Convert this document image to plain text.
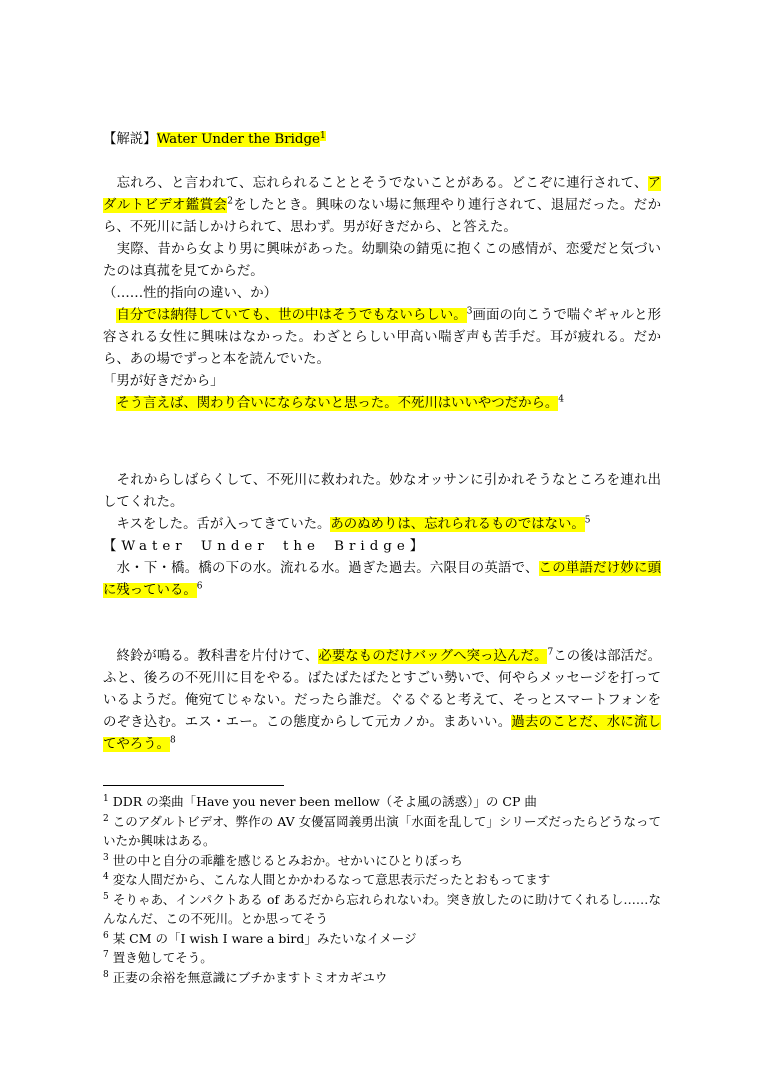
【解説】Water Under the Bridge$^1$

　忘れろ、と言われて、忘れられることとそうでないことがある。どこぞに連行されて、アダルトビデオ鑑賞会$^2$をしたとき。興味のない場に無理やり連行されて、退屈だった。だから、不死川に話しかけられて、思わず。男が好きだから、と答えた。

　実際、昔から女より男に興味があった。幼馴染の錆兎に抱くこの感情が、恋愛だと気づいたのは真菰を見てからだ。

（……性的指向の違い、か）

　自分では納得していても、世の中はそうでもないらしい。$^3$画面の向こうで喘ぐギャルと形容される女性に興味はなかった。わざとらしい甲高い喘ぎ声も苦手だ。耳が疲れる。だから、あの場でずっと本を読んでいた。

「男が好きだから」

　そう言えば、関わり合いにならないと思った。不死川はいいやつだから。$^4$

　それからしばらくして、不死川に救われた。妙なオッサンに引かれそうなところを連れ出してくれた。

　キスをした。舌が入ってきていた。あのぬめりは、忘れられるものではない。$^5$

【Water Under the Bridge】

　水・下・橋。橋の下の水。流れる水。過ぎた過去。六限目の英語で、この単語だけ妙に頭に残っている。$^6$

　終鈴が鳴る。教科書を片付けて、必要なものだけバッグへ突っ込んだ。$^7$この後は部活だ。ふと、後ろの不死川に目をやる。ばたばたばたとすごい勢いで、何やらメッセージを打っているようだ。俺宛てじゃない。だったら誰だ。ぐるぐると考えて、そっとスマートフォンをのぞき込む。エス・エー。この態度からして元カノか。まあいい。過去のことだ、水に流してやろう。$^8$

$^1$ DDR の楽曲「Have you never been mellow（そよ風の誘惑）」の CP 曲

$^2$ このアダルトビデオ、弊作の AV 女優冨岡義勇出演「水面を乱して」シリーズだったらどうなっていたか興味はある。

$^3$ 世の中と自分の乖離を感じるとみおか。せかいにひとりぼっち

$^4$ 変な人間だから、こんな人間とかかわるなって意思表示だったとおもってます

$^5$ そりゃあ、インパクトある of あるだから忘れられないわ。突き放したのに助けてくれるし……なんなんだ、この不死川。とか思ってそう

$^6$ 某 CM の「I wish I ware a bird」みたいなイメージ

$^7$ 置き勉してそう。

$^8$ 正妻の余裕を無意識にブチかますトミオカギユウ
